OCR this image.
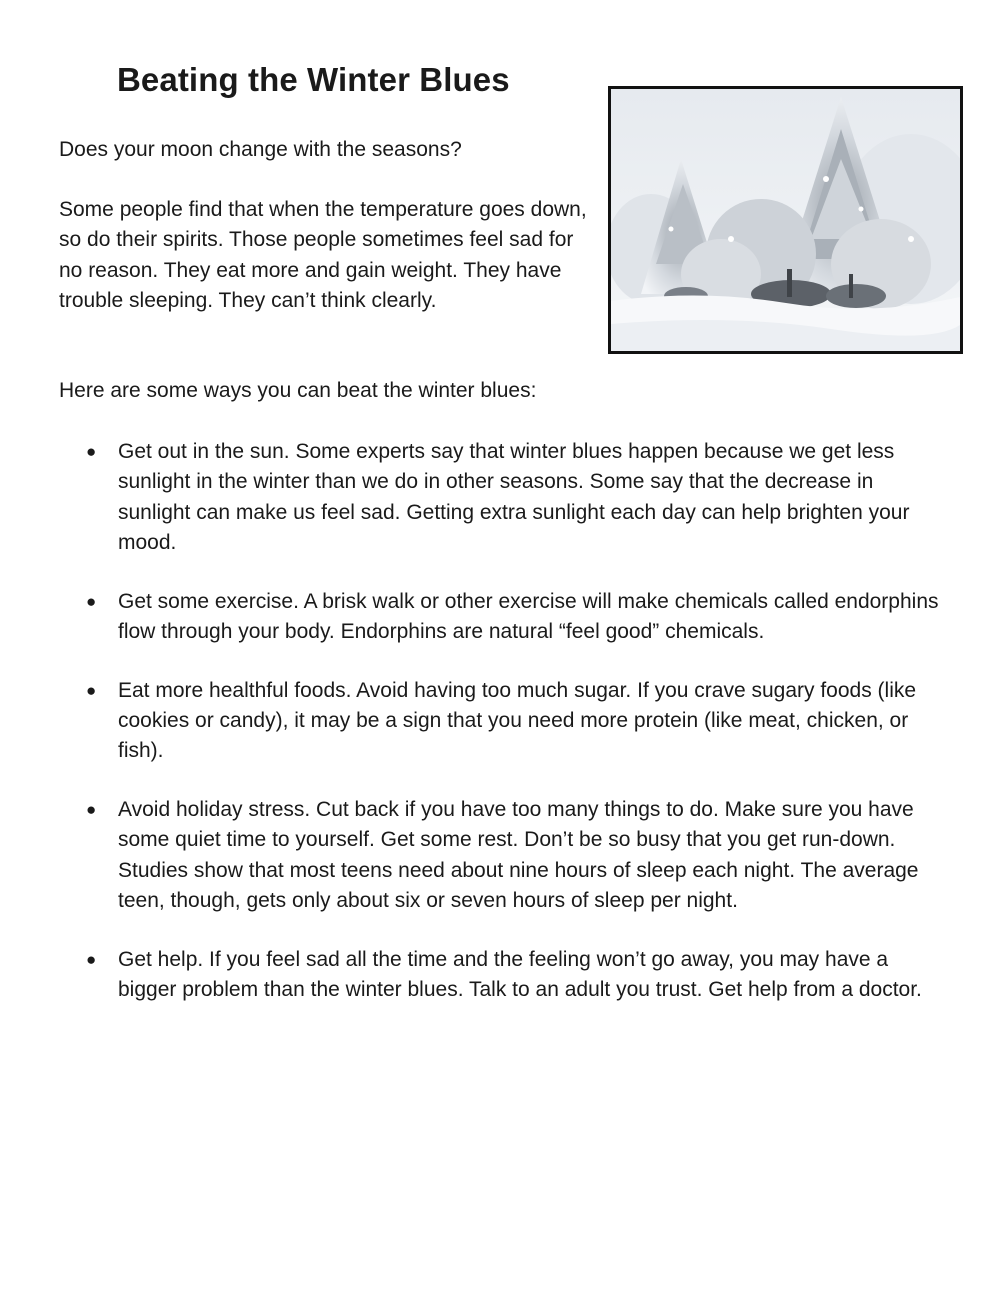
Beating the Winter Blues

Does your moon change with the seasons?

Some people find that when the temperature goes down, so do their spirits. Those people sometimes feel sad for no reason. They eat more and gain weight. They have trouble sleeping. They can’t think clearly.

Here are some ways you can beat the winter blues:

● Get out in the sun. Some experts say that winter blues happen because we get less sunlight in the winter than we do in other seasons. Some say that the decrease in sunlight can make us feel sad. Getting extra sunlight each day can help brighten your mood.
● Get some exercise. A brisk walk or other exercise will make chemicals called endorphins flow through your body. Endorphins are natural “feel good” chemicals.
● Eat more healthful foods. Avoid having too much sugar. If you crave sugary foods (like cookies or candy), it may be a sign that you need more protein (like meat, chicken, or fish).
● Avoid holiday stress. Cut back if you have too many things to do. Make sure you have some quiet time to yourself. Get some rest. Don’t be so busy that you get run-down. Studies show that most teens need about nine hours of sleep each night. The average teen, though, gets only about six or seven hours of sleep per night.
● Get help. If you feel sad all the time and the feeling won’t go away, you may have a bigger problem than the winter blues. Talk to an adult you trust. Get help from a doctor.
